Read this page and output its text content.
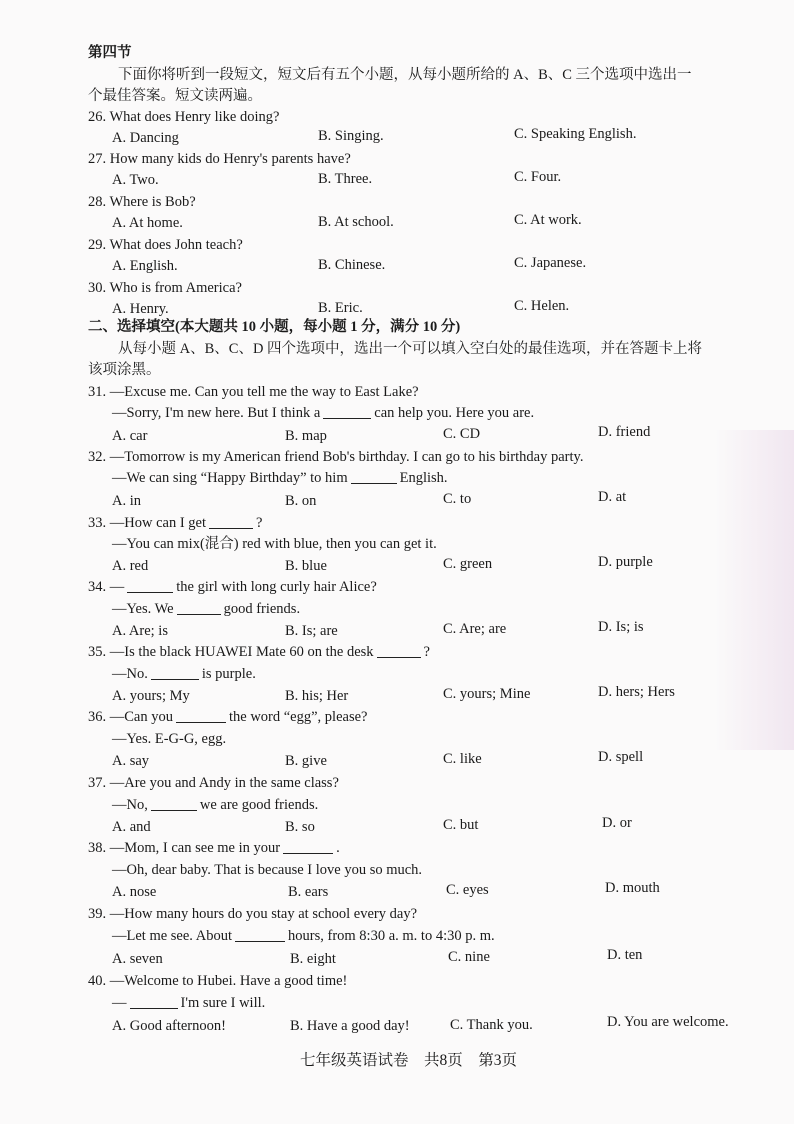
第四节
下面你将听到一段短文，短文后有五个小题，从每小题所给的 A、B、C 三个选项中选出一
个最佳答案。短文读两遍。
26. What does Henry like doing?
A. Dancing	B. Singing.	C. Speaking English.
27. How many kids do Henry's parents have?
A. Two.	B. Three.	C. Four.
28. Where is Bob?
A. At home.	B. At school.	C. At work.
29. What does John teach?
A. English.	B. Chinese.	C. Japanese.
30. Who is from America?
A. Henry.	B. Eric.	C. Helen.
二、选择填空(本大题共 10 小题，每小题 1 分，满分 10 分)
从每小题 A、B、C、D 四个选项中，选出一个可以填入空白处的最佳选项，并在答题卡上将
该项涂黑。
31. —Excuse me. Can you tell me the way to East Lake?
—Sorry, I'm new here. But I think a	can help you. Here you are.
A. car	B. map	C. CD	D. friend
32. —Tomorrow is my American friend Bob's birthday. I can go to his birthday party.
—We can sing “Happy Birthday” to him	English.
A. in	B. on	C. to	D. at
33. —How can I get	?
—You can mix(混合) red with blue, then you can get it.
A. red	B. blue	C. green	D. purple
34. —	the girl with long curly hair Alice?
—Yes. We	good friends.
A. Are; is	B. Is; are	C. Are; are	D. Is; is
35. —Is the black HUAWEI Mate 60 on the desk	?
—No.	is purple.
A. yours; My	B. his; Her	C. yours; Mine	D. hers; Hers
36. —Can you	the word “egg”, please?
—Yes. E-G-G, egg.
A. say	B. give	C. like	D. spell
37. —Are you and Andy in the same class?
—No,	we are good friends.
A. and	B. so	C. but	D. or
38. —Mom, I can see me in your	.
—Oh, dear baby. That is because I love you so much.
A. nose	B. ears	C. eyes	D. mouth
39. —How many hours do you stay at school every day?
—Let me see. About	hours, from 8:30 a. m. to 4:30 p. m.
A. seven	B. eight	C. nine	D. ten
40. —Welcome to Hubei. Have a good time!
—	I'm sure I will.
A. Good afternoon!	B. Have a good day!	C. Thank you.	D. You are welcome.
七年级英语试卷　共8页　第3页
